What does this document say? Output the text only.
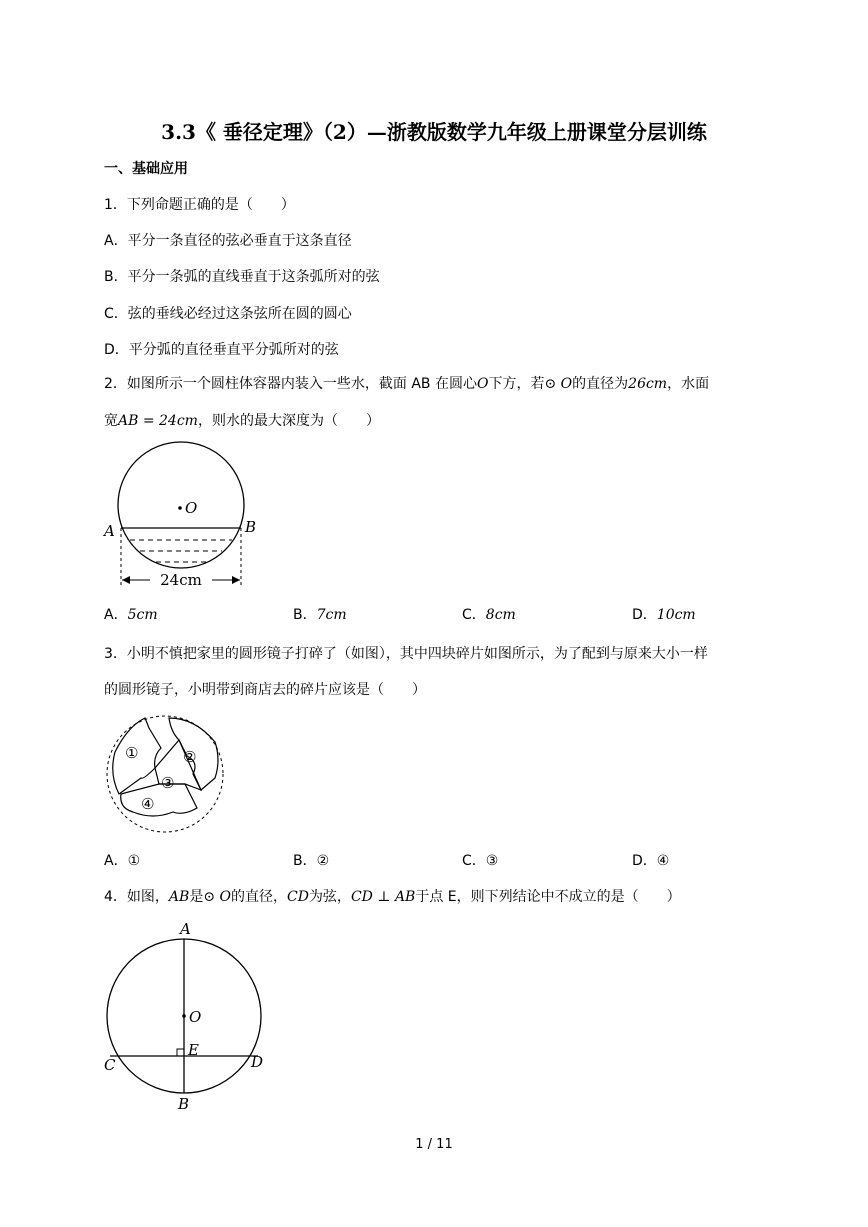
3.3《 垂径定理》（2）—浙教版数学九年级上册课堂分层训练
一、基础应用
1．下列命题正确的是（　　）
A．平分一条直径的弦必垂直于这条直径
B．平分一条弧的直线垂直于这条弧所对的弦
C．弦的垂线必经过这条弦所在圆的圆心
D．平分弧的直径垂直平分弧所对的弦
2．如图所示一个圆柱体容器内装入一些水，截面 AB 在圆心O下方，若⊙ O的直径为26cm，水面
宽AB = 24cm，则水的最大深度为（　　）
O
A	B
24cm
A．5cm	B．7cm	C．8cm	D．10cm
3．小明不慎把家里的圆形镜子打碎了（如图），其中四块碎片如图所示，为了配到与原来大小一样
的圆形镜子，小明带到商店去的碎片应该是（　　）
①	②
③
④
A．①	B．②	C．③	D．④
4．如图，AB是⊙ O的直径，CD为弦，CD ⊥ AB于点 E，则下列结论中不成立的是（　　）
A
O
E
C	D
B
1 / 11
